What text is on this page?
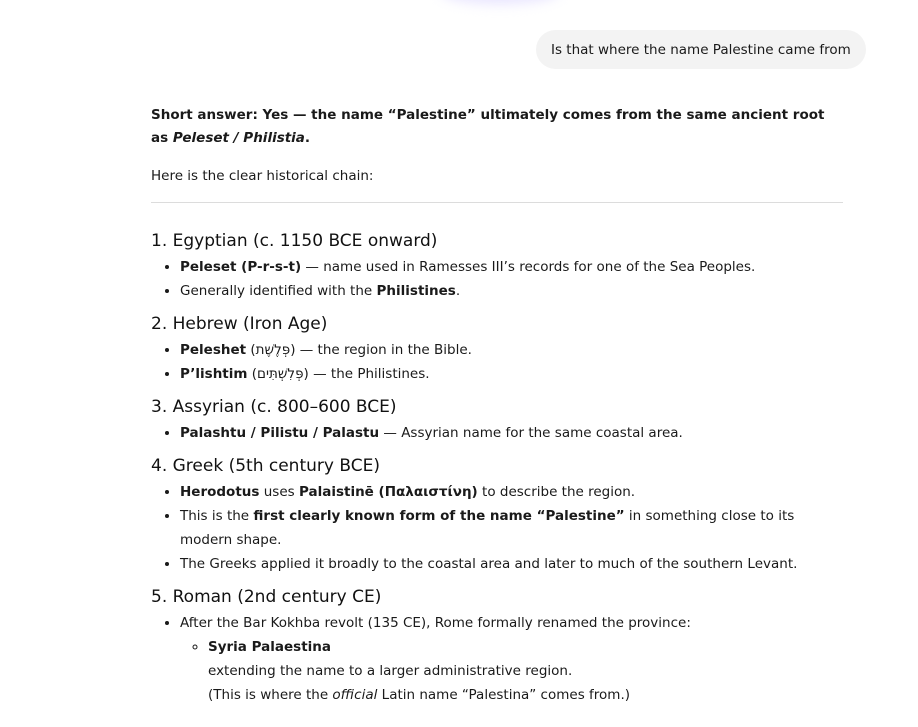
Is that where the name Palestine came from

Short answer: Yes — the name “Palestine” ultimately comes from the same ancient root as Peleset / Philistia.

Here is the clear historical chain:

1. Egyptian (c. 1150 BCE onward)
• Peleset (P-r-s-t) — name used in Ramesses III’s records for one of the Sea Peoples.
• Generally identified with the Philistines.
2. Hebrew (Iron Age)
• Peleshet (פְּלֶשֶׁת) — the region in the Bible.
• P’lishtim (פְּלִשְׁתִּים) — the Philistines.
3. Assyrian (c. 800–600 BCE)
• Palashtu / Pilistu / Palastu — Assyrian name for the same coastal area.
4. Greek (5th century BCE)
• Herodotus uses Palaistinē (Παλαιστίνη) to describe the region.
• This is the first clearly known form of the name “Palestine” in something close to its modern shape.
• The Greeks applied it broadly to the coastal area and later to much of the southern Levant.
5. Roman (2nd century CE)
• After the Bar Kokhba revolt (135 CE), Rome formally renamed the province:
◦ Syria Palaestina
extending the name to a larger administrative region.
(This is where the official Latin name “Palestina” comes from.)
